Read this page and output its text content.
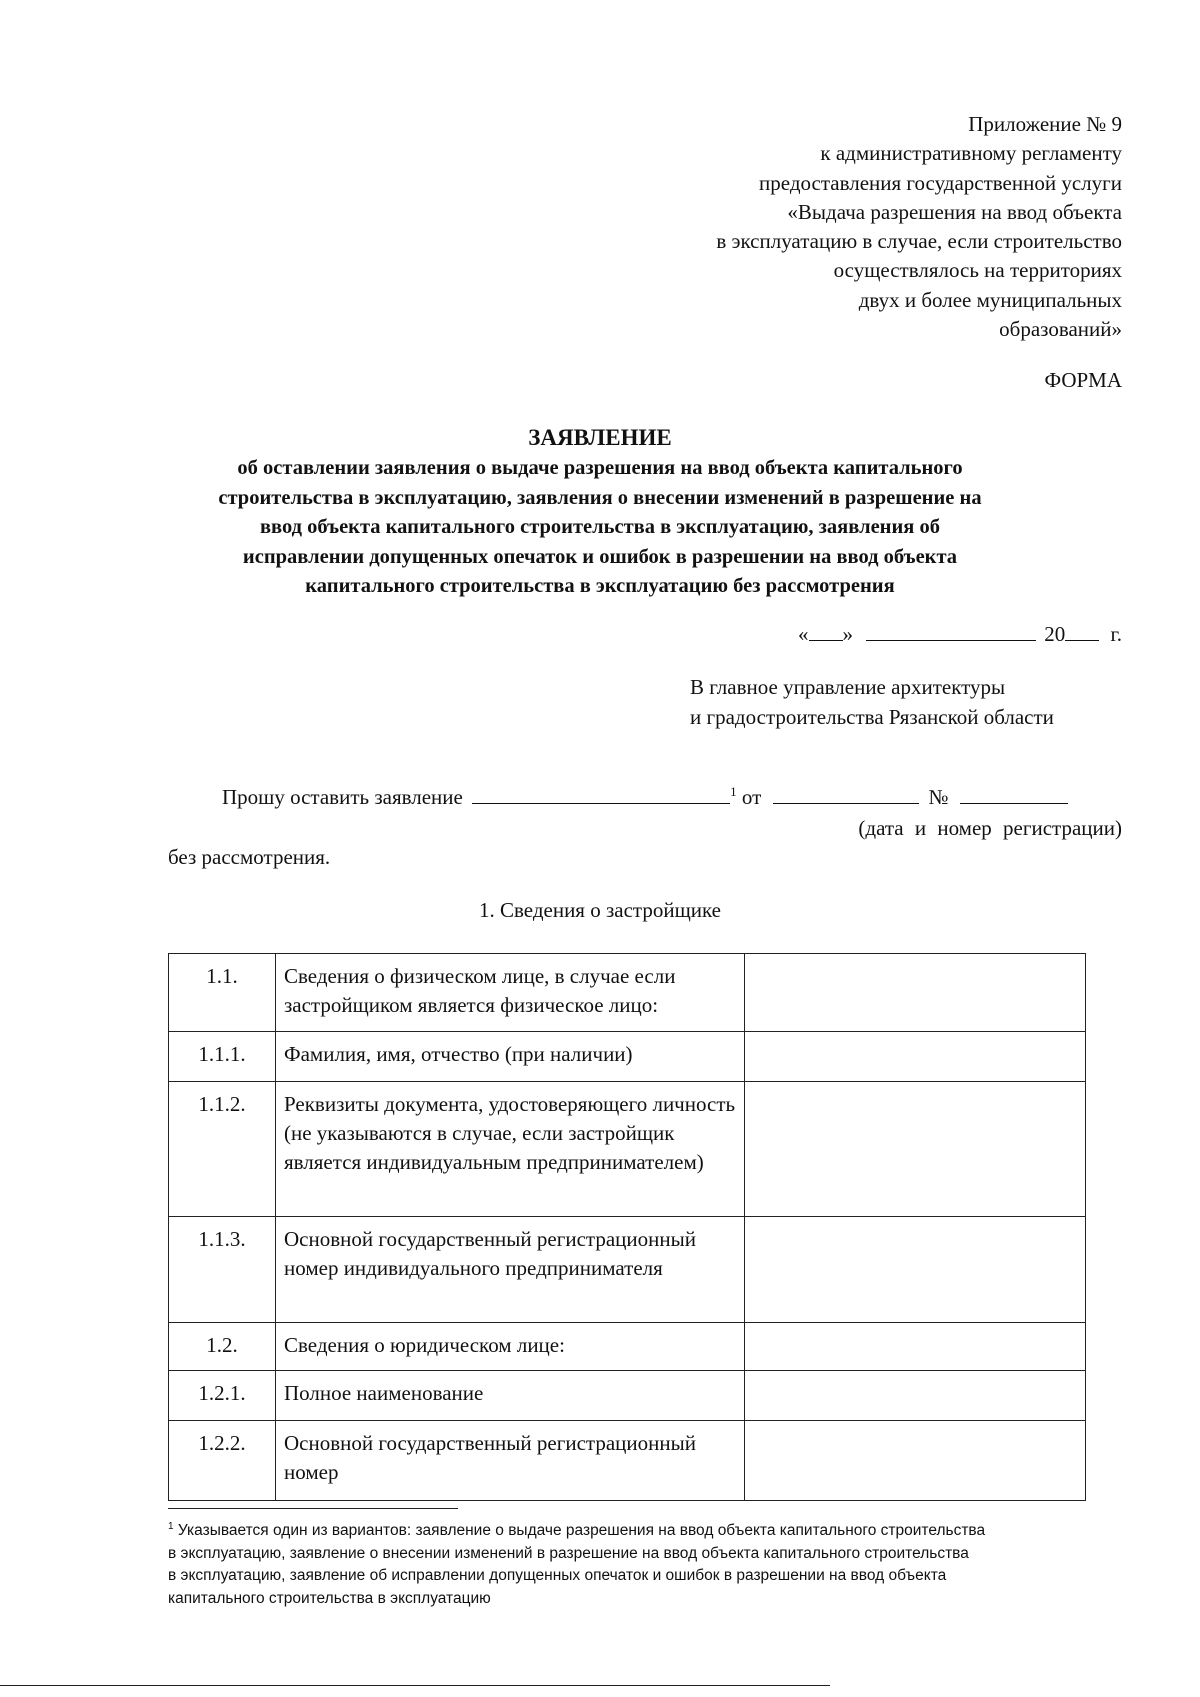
Приложение № 9
к административному регламенту
предоставления государственной услуги
«Выдача разрешения на ввод объекта
в эксплуатацию в случае, если строительство
осуществлялось на территориях
двух и более муниципальных
образований»
ФОРМА
ЗАЯВЛЕНИЕ
об оставлении заявления о выдаче разрешения на ввод объекта капитального
строительства в эксплуатацию, заявления о внесении изменений в разрешение на
ввод объекта капитального строительства в эксплуатацию, заявления об
исправлении допущенных опечаток и ошибок в разрешении на ввод объекта
капитального строительства в эксплуатацию без рассмотрения
« »	20 г.
В главное управление архитектуры
и градостроительства Рязанской области
Прошу оставить заявление	$^1$ от	№
(дата и номер регистрации)
без рассмотрения.
1. Сведения о застройщике
1.1.	Сведения о физическом лице, в случае если застройщиком является физическое лицо:	
1.1.1.	Фамилия, имя, отчество (при наличии)	
1.1.2.	Реквизиты документа, удостоверяющего личность (не указываются в случае, если застройщик является индивидуальным предпринимателем)	
1.1.3.	Основной государственный регистрационный номер индивидуального предпринимателя	
1.2.	Сведения о юридическом лице:	
1.2.1.	Полное наименование	
1.2.2.	Основной государственный регистрационный номер	
$^1$ Указывается один из вариантов: заявление о выдаче разрешения на ввод объекта капитального строительства
в эксплуатацию, заявление о внесении изменений в разрешение на ввод объекта капитального строительства
в эксплуатацию, заявление об исправлении допущенных опечаток и ошибок в разрешении на ввод объекта
капитального строительства в эксплуатацию
